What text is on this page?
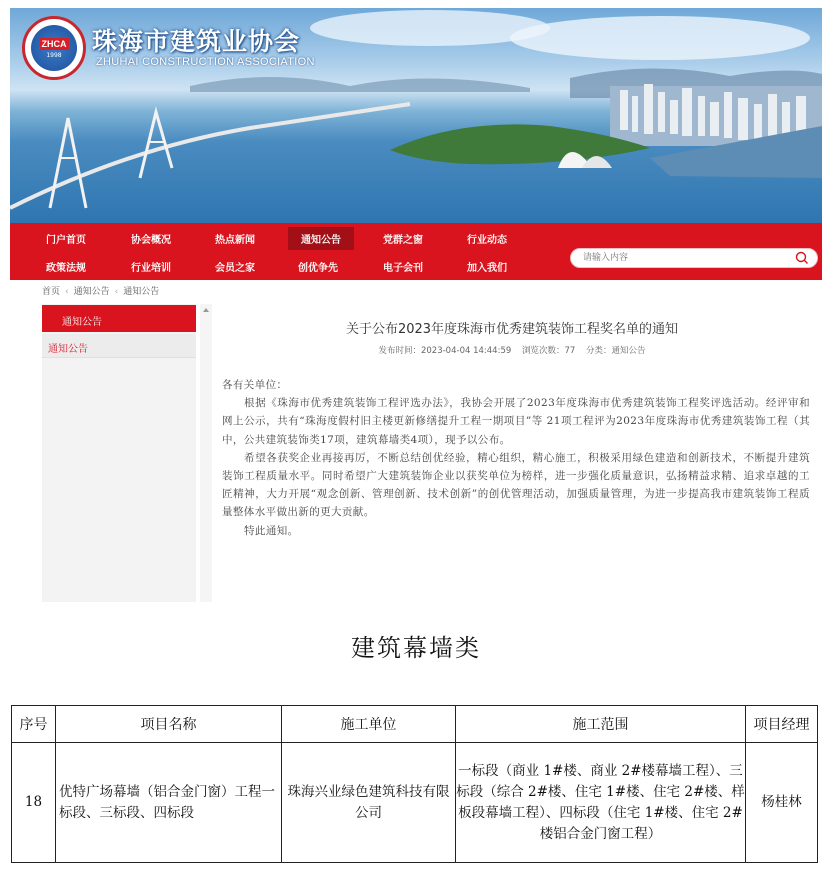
ZHCA
1998 珠海市建筑业协会
ZHUHAI CONSTRUCTION ASSOCIATION
门户首页	协会概况	热点新闻	通知公告	党群之窗	行业动态
政策法规	行业培训	会员之家	创优争先	电子会刊	加入我们
请输入内容
首页 ‹ 通知公告 ‹ 通知公告
通知公告
通知公告
关于公布2023年度珠海市优秀建筑装饰工程奖名单的通知
发布时间：2023-04-04 14:44:59 浏览次数：77 分类：通知公告

各有关单位：

根据《珠海市优秀建筑装饰工程评选办法》，我协会开展了2023年度珠海市优秀建筑装饰工程奖评选活动。经评审和网上公示，共有“珠海度假村旧主楼更新修缮提升工程一期项目”等 21项工程评为2023年度珠海市优秀建筑装饰工程（其中，公共建筑装饰类17项，建筑幕墙类4项），现予以公布。

希望各获奖企业再接再厉，不断总结创优经验，精心组织，精心施工，积极采用绿色建造和创新技术，不断提升建筑装饰工程质量水平。同时希望广大建筑装饰企业以获奖单位为榜样，进一步强化质量意识，弘扬精益求精、追求卓越的工匠精神，大力开展“观念创新、管理创新、技术创新”的创优管理活动，加强质量管理，为进一步提高我市建筑装饰工程质量整体水平做出新的更大贡献。

特此通知。

建筑幕墙类
序号	项目名称	施工单位	施工范围	项目经理
18	优特广场幕墙（铝合金门窗）工程一标段、三标段、四标段	珠海兴业绿色建筑科技有限公司	一标段（商业 1#楼、商业 2#楼幕墙工程）、三标段（综合 2#楼、住宅 1#楼、住宅 2#楼、样板段幕墙工程）、四标段（住宅 1#楼、住宅 2#楼铝合金门窗工程）	杨桂林
